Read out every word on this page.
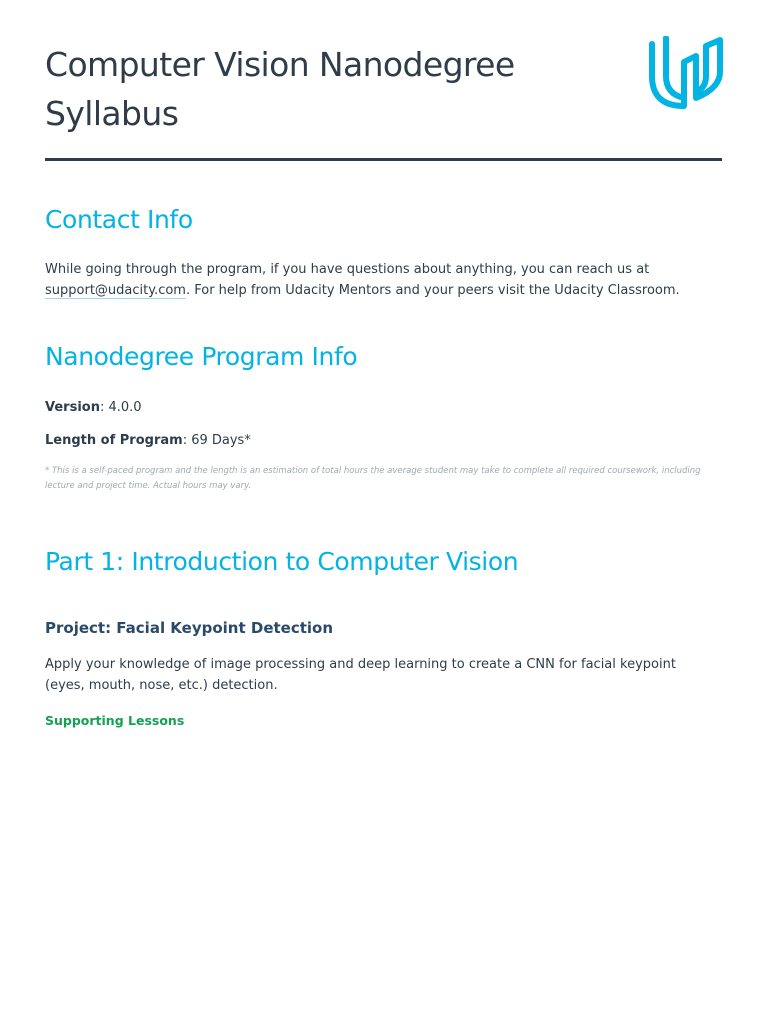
Computer Vision Nanodegree Syllabus
Contact Info

While going through the program, if you have questions about anything, you can reach us at
support@udacity.com. For help from Udacity Mentors and your peers visit the Udacity Classroom.

Nanodegree Program Info
Version: 4.0.0
Length of Program: 69 Days*

* This is a self-paced program and the length is an estimation of total hours the average student may take to complete all required coursework, including lecture and project time. Actual hours may vary.

Part 1: Introduction to Computer Vision
Project: Facial Keypoint Detection

Apply your knowledge of image processing and deep learning to create a CNN for facial keypoint (eyes, mouth, nose, etc.) detection.

Supporting Lessons
